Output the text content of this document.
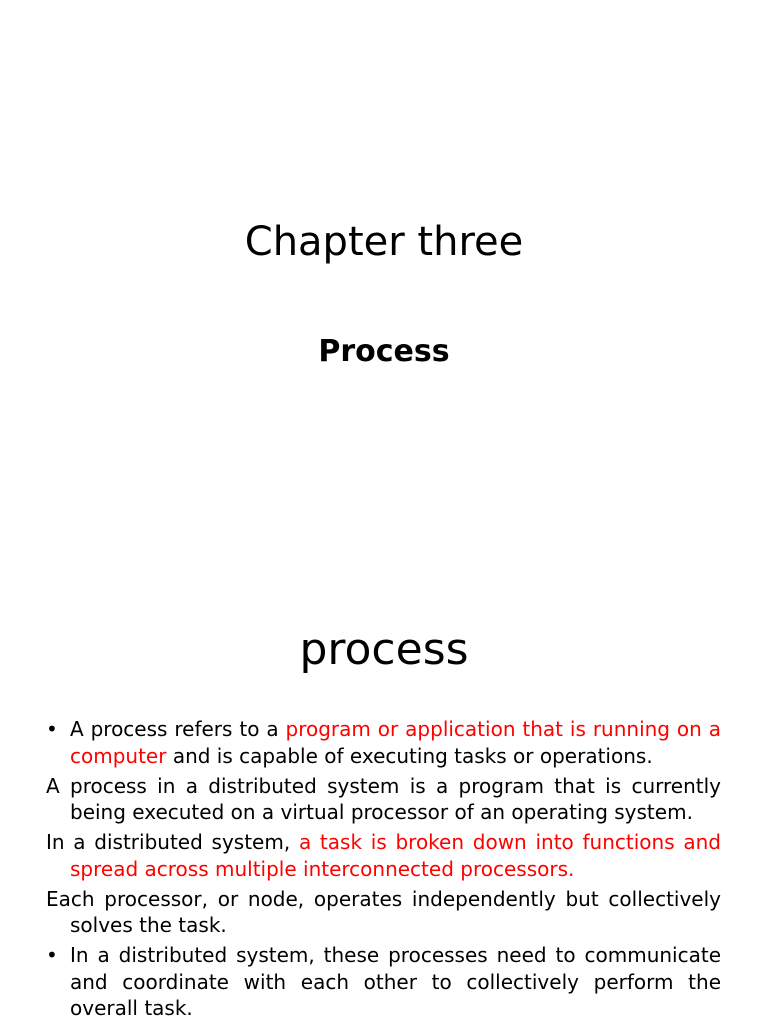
Chapter three
Process
process

• A process refers to a program or application that is running on a computer and is capable of executing tasks or operations.

A process in a distributed system is a program that is currently being executed on a virtual processor of an operating system.

In a distributed system, a task is broken down into functions and spread across multiple interconnected processors.

Each processor, or node, operates independently but collectively solves the task.

• In a distributed system, these processes need to communicate and coordinate with each other to collectively perform the overall task.
